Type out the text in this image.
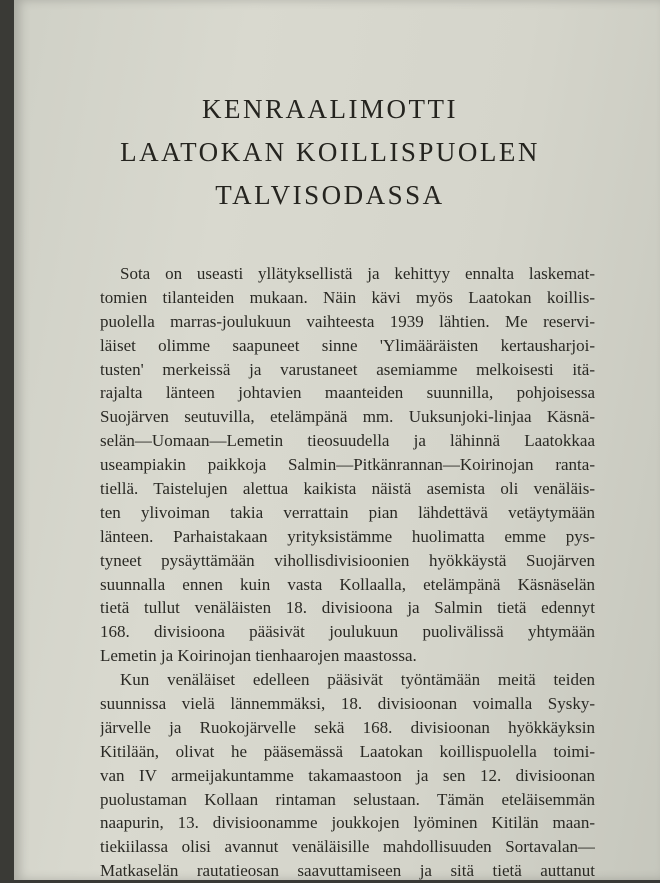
KENRAALIMOTTI
LAATOKAN KOILLISPUOLEN
TALVISODASSA
Sota on useasti yllätyksellistä ja kehittyy ennalta laskemat-
tomien tilanteiden mukaan. Näin kävi myös Laatokan koillis-
puolella marras-joulukuun vaihteesta 1939 lähtien. Me reservi-
läiset olimme saapuneet sinne 'Ylimääräisten kertausharjoi-
tusten' merkeissä ja varustaneet asemiamme melkoisesti itä-
rajalta länteen johtavien maanteiden suunnilla, pohjoisessa
Suojärven seutuvilla, etelämpänä mm. Uuksunjoki-linjaa Käsnä-
selän—Uomaan—Lemetin tieosuudella ja lähinnä Laatokkaa
useampiakin paikkoja Salmin—Pitkänrannan—Koirinojan ranta-
tiellä. Taistelujen alettua kaikista näistä asemista oli venäläis-
ten ylivoiman takia verrattain pian lähdettävä vetäytymään
länteen. Parhaistakaan yrityksistämme huolimatta emme pys-
tyneet pysäyttämään vihollisdivisioonien hyökkäystä Suojärven
suunnalla ennen kuin vasta Kollaalla, etelämpänä Käsnäselän
tietä tullut venäläisten 18. divisioona ja Salmin tietä edennyt
168. divisioona pääsivät joulukuun puolivälissä yhtymään
Lemetin ja Koirinojan tienhaarojen maastossa.
Kun venäläiset edelleen pääsivät työntämään meitä teiden
suunnissa vielä lännemmäksi, 18. divisioonan voimalla Sysky-
järvelle ja Ruokojärvelle sekä 168. divisioonan hyökkäyksin
Kitilään, olivat he pääsemässä Laatokan koillispuolella toimi-
van IV armeijakuntamme takamaastoon ja sen 12. divisioonan
puolustaman Kollaan rintaman selustaan. Tämän eteläisemmän
naapurin, 13. divisioonamme joukkojen lyöminen Kitilän maan-
tiekiilassa olisi avannut venäläisille mahdollisuuden Sortavalan—
Matkaselän rautatieosan saavuttamiseen ja sitä tietä auttanut
